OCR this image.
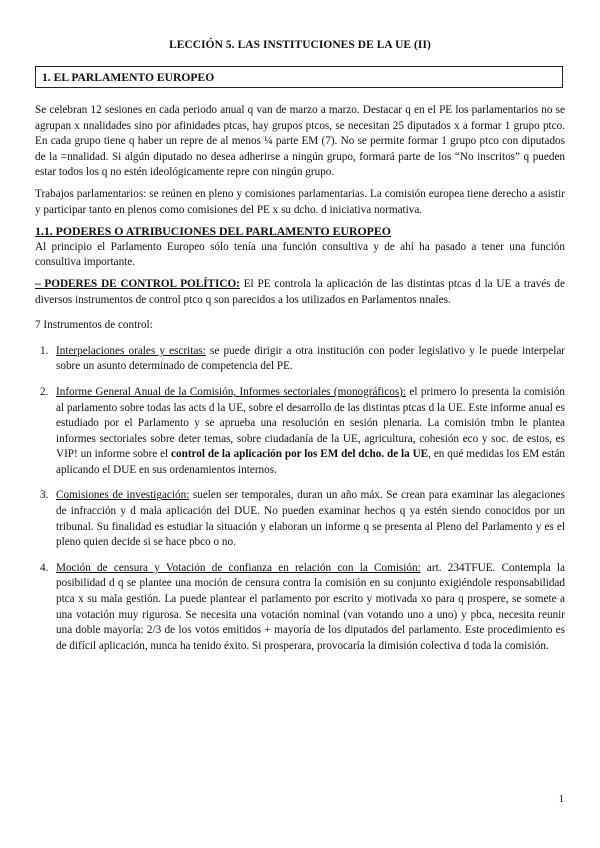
LECCIÓN 5. LAS INSTITUCIONES DE LA UE (II)
1. EL PARLAMENTO EUROPEO

Se celebran 12 sesiones en cada periodo anual q van de marzo a marzo. Destacar q en el PE los parlamentarios no se agrupan x nnalidades sino por afinidades ptcas, hay grupos ptcos, se necesitan 25 diputados x a formar 1 grupo ptco. En cada grupo tiene q haber un repre de al menos ¼ parte EM (7). No se permite formar 1 grupo ptco con diputados de la =nnalidad. Si algún diputado no desea adherirse a ningún grupo, formará parte de los “No inscritos” q pueden estar todos los q no estén ideológicamente repre con ningún grupo.

Trabajos parlamentarios: se reúnen en pleno y comisiones parlamentarias. La comisión europea tiene derecho a asistir y participar tanto en plenos como comisiones del PE x su dcho. d iniciativa normativa.

1.1. PODERES O ATRIBUCIONES DEL PARLAMENTO EUROPEO

Al principio el Parlamento Europeo sólo tenía una función consultiva y de ahí ha pasado a tener una función consultiva importante.

– PODERES DE CONTROL POLÍTICO: El PE controla la aplicación de las distintas ptcas d la UE a través de diversos instrumentos de control ptco q son parecidos a los utilizados en Parlamentos nnales.

7 Instrumentos de control:

1. Interpelaciones orales y escritas: se puede dirigir a otra institución con poder legislativo y le puede interpelar sobre un asunto determinado de competencia del PE.
2. Informe General Anual de la Comisión, Informes sectoriales (monográficos): el primero lo presenta la comisión al parlamento sobre todas las acts d la UE, sobre el desarrollo de las distintas ptcas d la UE. Este informe anual es estudiado por el Parlamento y se aprueba una resolución en sesión plenaria. La comisión tmbn le plantea informes sectoriales sobre deter temas, sobre ciudadanía de la UE, agricultura, cohesión eco y soc. de estos, es VIP! un informe sobre el control de la aplicación por los EM del dcho. de la UE, en qué medidas los EM están aplicando el DUE en sus ordenamientos internos.
3. Comisiones de investigación: suelen ser temporales, duran un año máx. Se crean para examinar las alegaciones de infracción y d mala aplicación del DUE. No pueden examinar hechos q ya estén siendo conocidos por un tribunal. Su finalidad es estudiar la situación y elaboran un informe q se presenta al Pleno del Parlamento y es el pleno quien decide si se hace pbco o no.
4. Moción de censura y Votación de confianza en relación con la Comisión: art. 234TFUE. Contempla la posibilidad d q se plantee una moción de censura contra la comisión en su conjunto exigiéndole responsabilidad ptca x su mala gestión. La puede plantear el parlamento por escrito y motivada xo para q prospere, se somete a una votación muy rigurosa. Se necesita una votación nominal (van votando uno a uno) y pbca, necesita reunir una doble mayoría: 2/3 de los votos emitidos + mayoría de los diputados del parlamento. Este procedimiento es de difícil aplicación, nunca ha tenido éxito. Si prosperara, provocaría la dimisión colectiva d toda la comisión.
1
